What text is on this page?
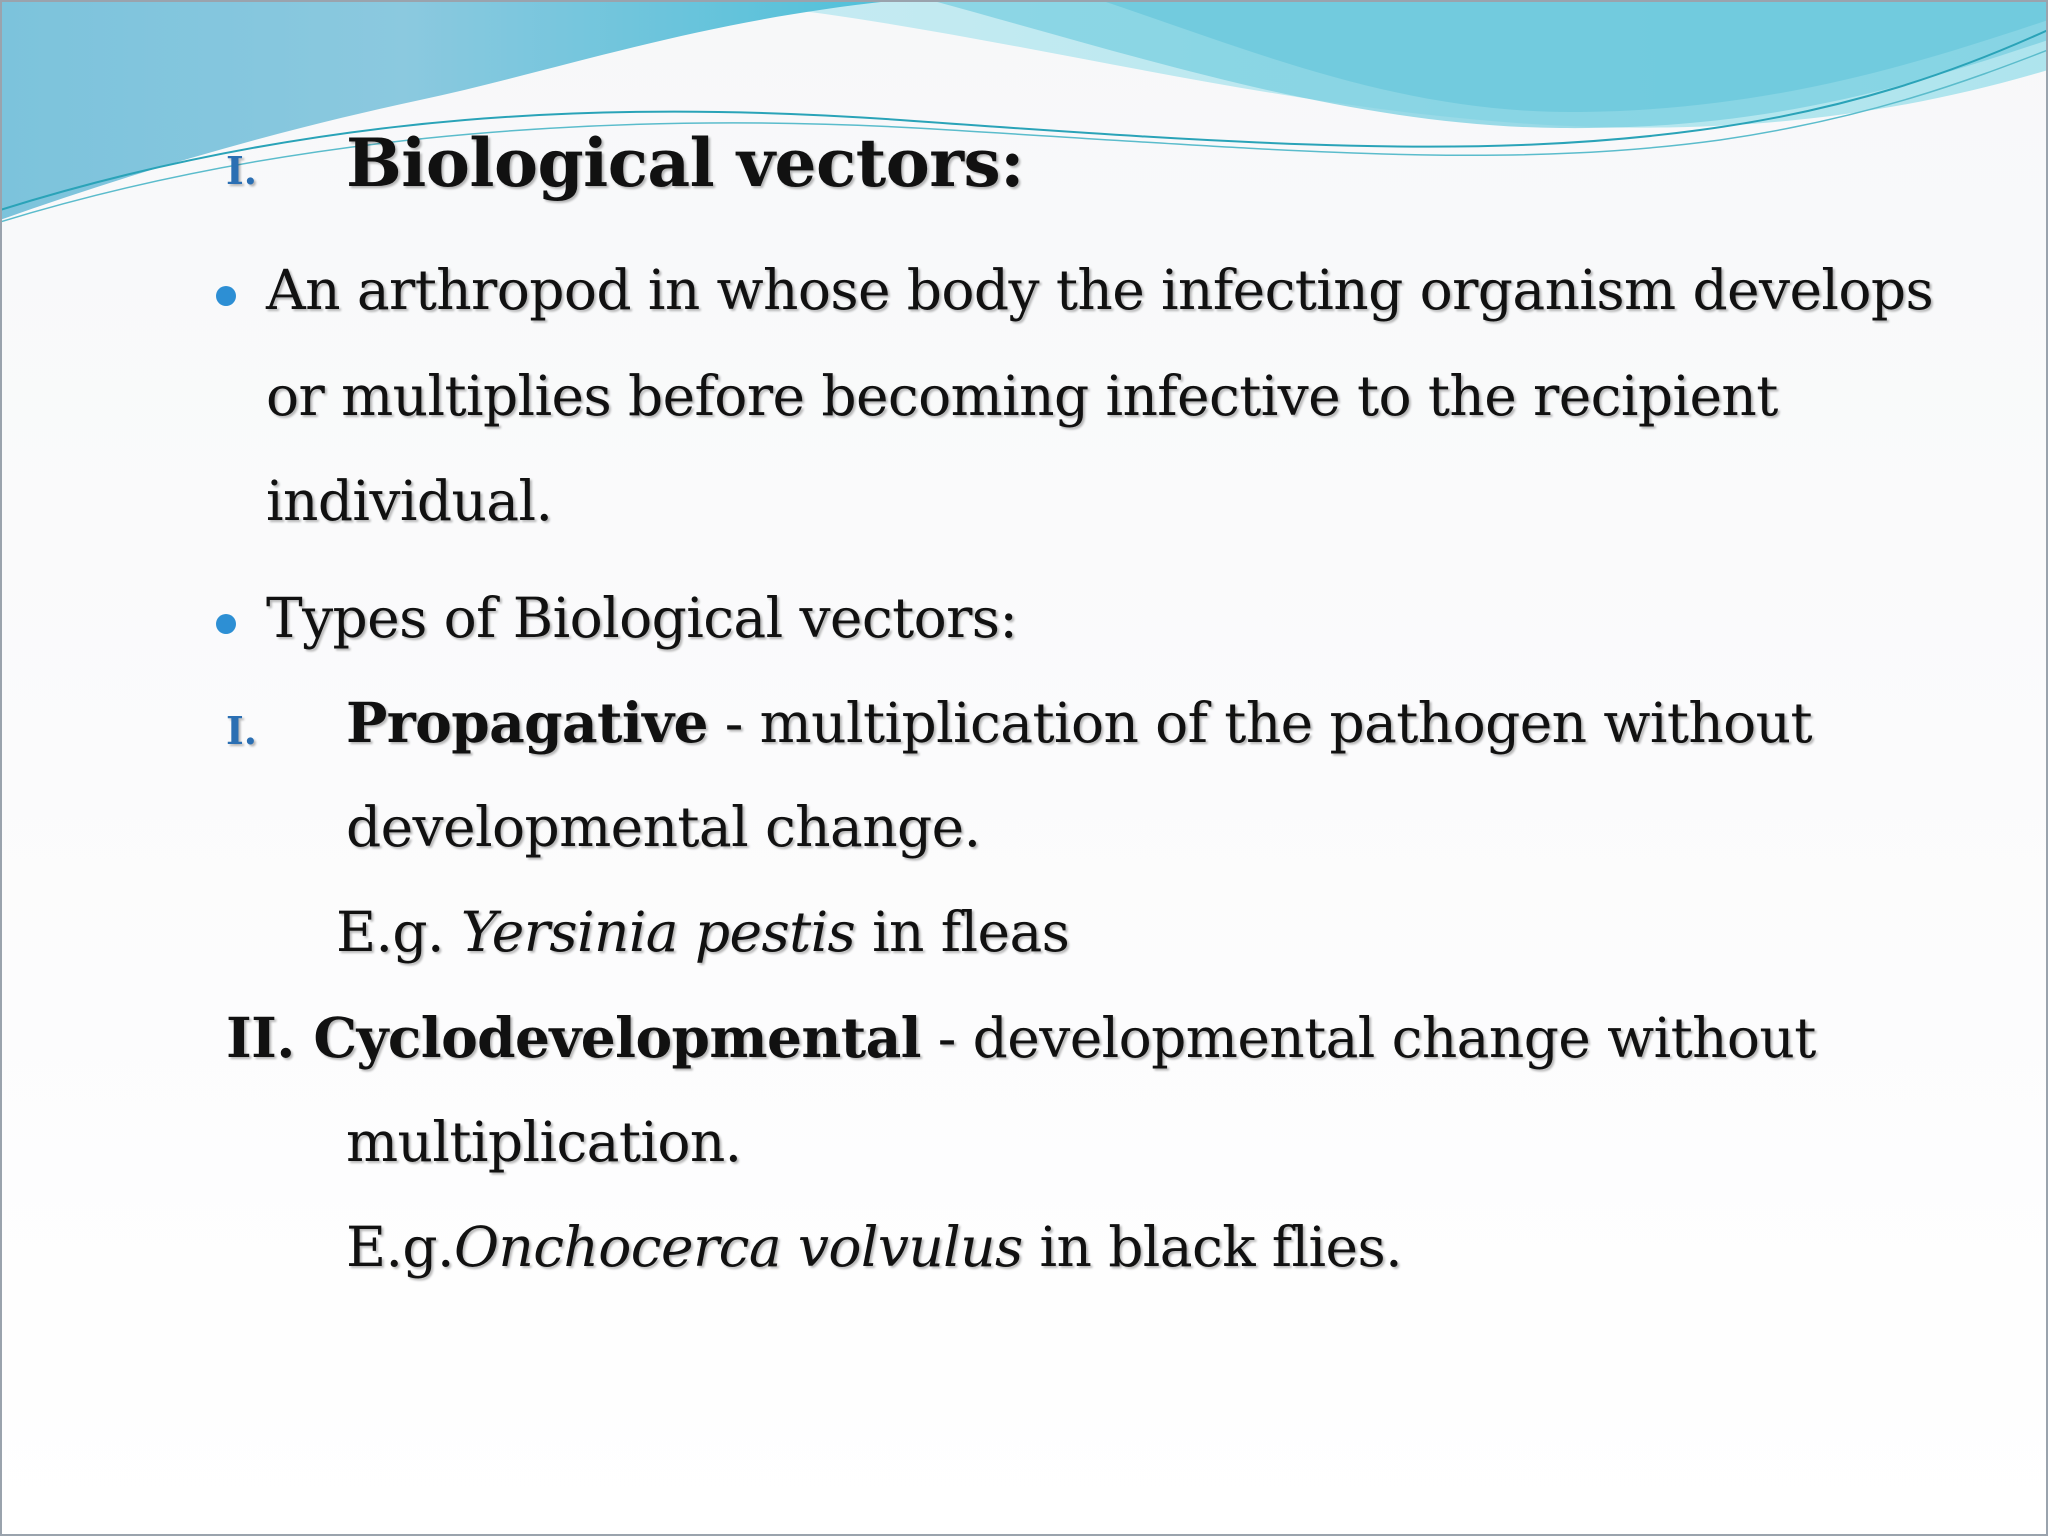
I. Biological vectors:
An arthropod in whose body the infecting organism develops
or multiplies before becoming infective to the recipient
individual.
Types of Biological vectors:
I. Propagative - multiplication of the pathogen without
developmental change.
E.g. Yersinia pestis in fleas
II. Cyclodevelopmental - developmental change without
multiplication.
E.g.Onchocerca volvulus in black flies.
